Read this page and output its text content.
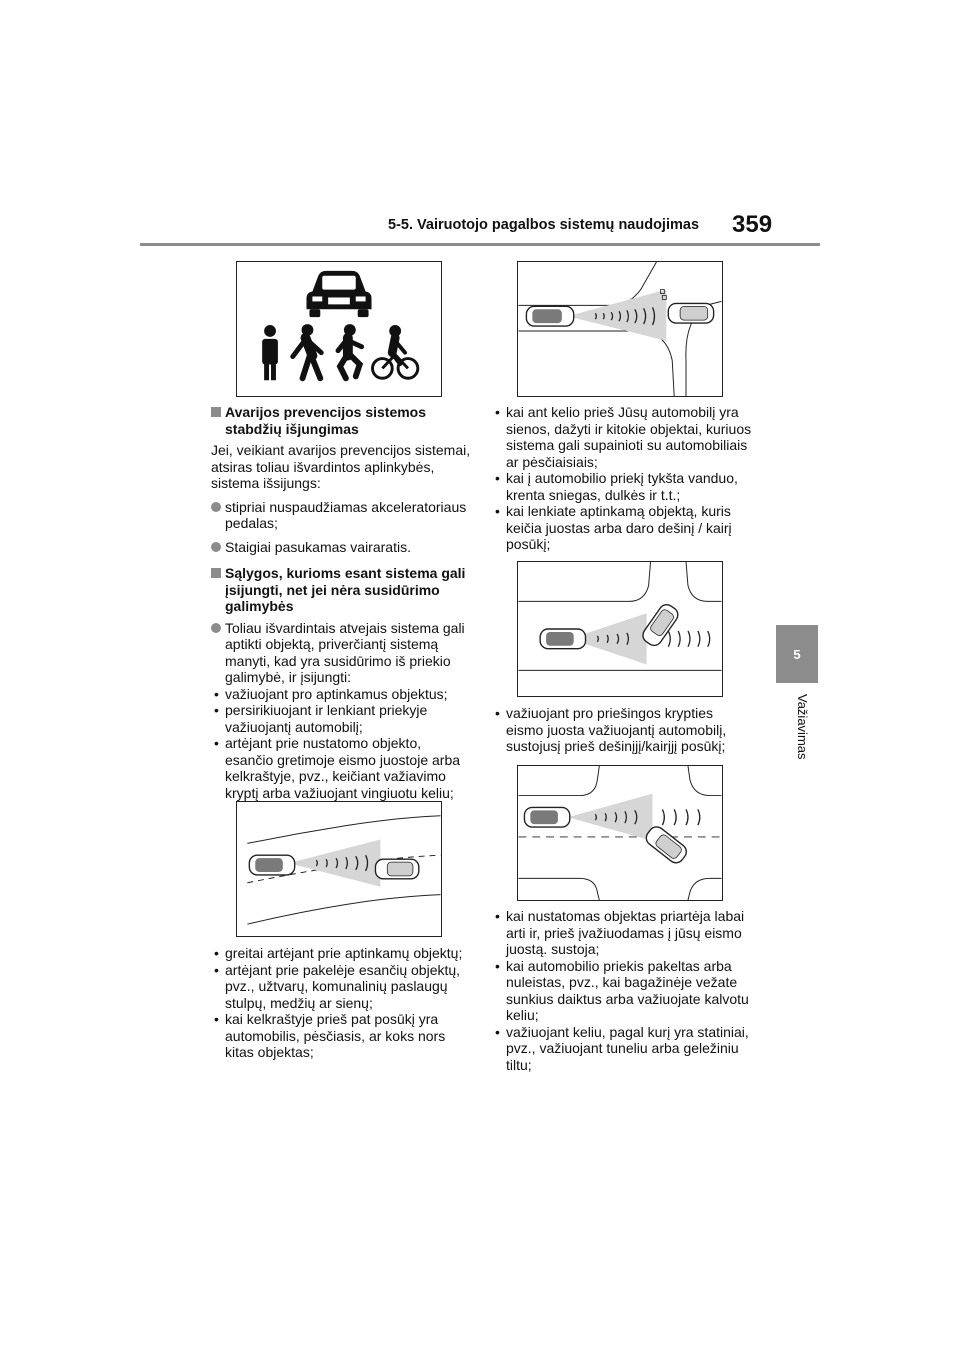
5-5. Vairuotojo pagalbos sistemų naudojimas 359
5
Važiavimas
Avarijos prevencijos sistemos stabdžių išjungimas

Jei, veikiant avarijos prevencijos sistemai, atsiras toliau išvardintos aplinkybės, sistema išsijungs:

stipriai nuspaudžiamas akceleratoriaus pedalas;
Staigiai pasukamas vairaratis.
Sąlygos, kurioms esant sistema gali įsijungti, net jei nėra susidūrimo galimybės
Toliau išvardintais atvejais sistema gali aptikti objektą, priverčiantį sistemą manyti, kad yra susidūrimo iš priekio galimybė, ir įsijungti:
• važiuojant pro aptinkamus objektus;
• persirikiuojant ir lenkiant priekyje važiuojantį automobilį;
• artėjant prie nustatomo objekto, esančio gretimoje eismo juostoje arba kelkraštyje, pvz., keičiant važiavimo kryptį arba važiuojant vingiuotu keliu;
• greitai artėjant prie aptinkamų objektų;
• artėjant prie pakelėje esančių objektų, pvz., užtvarų, komunalinių paslaugų stulpų, medžių ar sienų;
• kai kelkraštyje prieš pat posūkį yra automobilis, pėsčiasis, ar koks nors kitas objektas;
• kai ant kelio prieš Jūsų automobilį yra sienos, dažyti ir kitokie objektai, kuriuos sistema gali supainioti su automobiliais ar pėsčiaisiais;
• kai į automobilio priekį tykšta vanduo, krenta sniegas, dulkės ir t.t.;
• kai lenkiate aptinkamą objektą, kuris keičia juostas arba daro dešinį / kairį posūkį;
• važiuojant pro priešingos krypties eismo juosta važiuojantį automobilį, sustojusį prieš dešinįjį/kairįjį posūkį;
• kai nustatomas objektas priartėja labai arti ir, prieš įvažiuodamas į jūsų eismo juostą. sustoja;
• kai automobilio priekis pakeltas arba nuleistas, pvz., kai bagažinėje vežate sunkius daiktus arba važiuojate kalvotu keliu;
• važiuojant keliu, pagal kurį yra statiniai, pvz., važiuojant tuneliu arba geležiniu tiltu;
